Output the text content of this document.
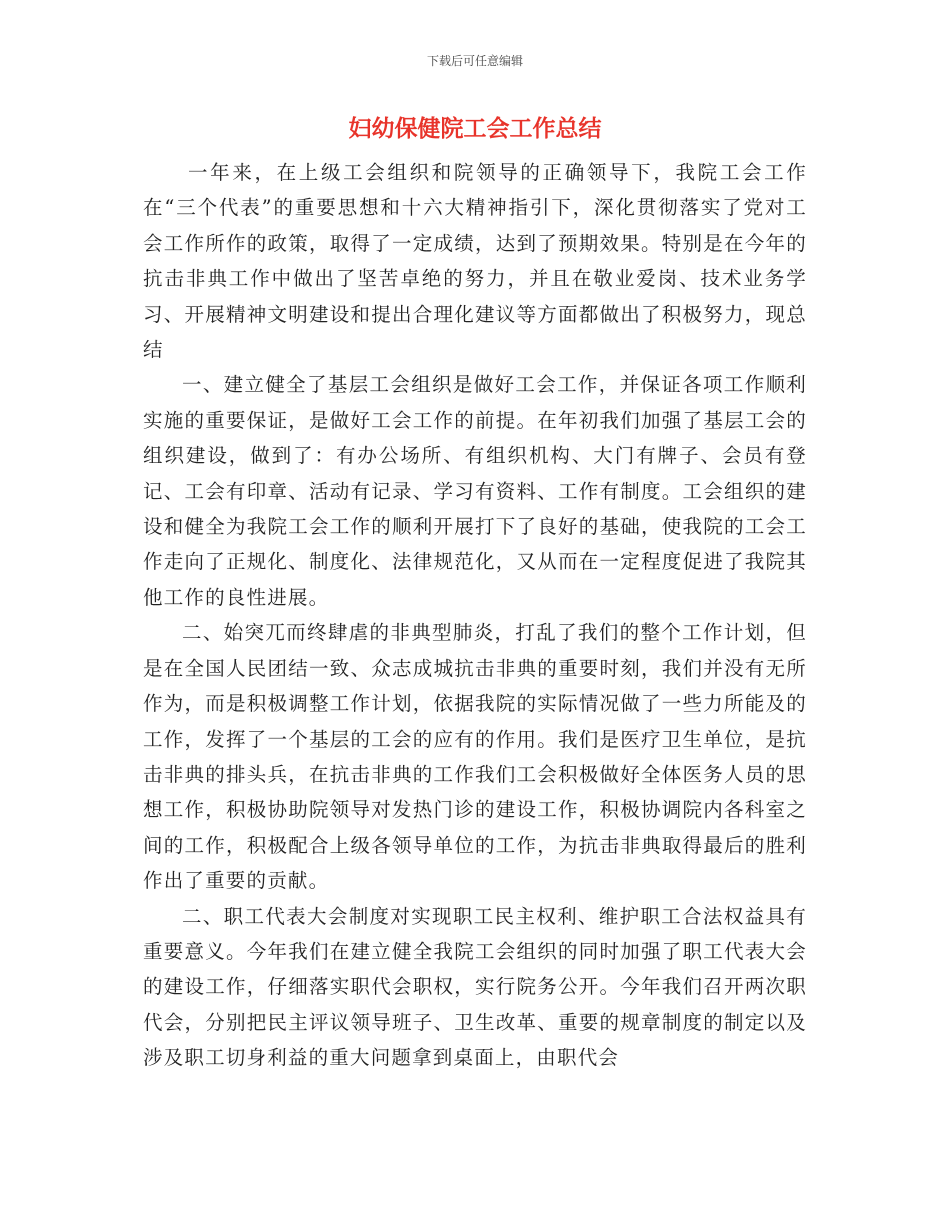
下载后可任意编辑
妇幼保健院工会工作总结

一年来，在上级工会组织和院领导的正确领导下，我院工会工作在“三个代表”的重要思想和十六大精神指引下，深化贯彻落实了党对工会工作所作的政策，取得了一定成绩，达到了预期效果。特别是在今年的抗击非典工作中做出了坚苦卓绝的努力，并且在敬业爱岗、技术业务学习、开展精神文明建设和提出合理化建议等方面都做出了积极努力，现总结

一、建立健全了基层工会组织是做好工会工作，并保证各项工作顺利实施的重要保证，是做好工会工作的前提。在年初我们加强了基层工会的组织建设，做到了：有办公场所、有组织机构、大门有牌子、会员有登记、工会有印章、活动有记录、学习有资料、工作有制度。工会组织的建设和健全为我院工会工作的顺利开展打下了良好的基础，使我院的工会工作走向了正规化、制度化、法律规范化，又从而在一定程度促进了我院其他工作的良性进展。

二、始突兀而终肆虐的非典型肺炎，打乱了我们的整个工作计划，但是在全国人民团结一致、众志成城抗击非典的重要时刻，我们并没有无所作为，而是积极调整工作计划，依据我院的实际情况做了一些力所能及的工作，发挥了一个基层的工会的应有的作用。我们是医疗卫生单位，是抗击非典的排头兵，在抗击非典的工作我们工会积极做好全体医务人员的思想工作，积极协助院领导对发热门诊的建设工作，积极协调院内各科室之间的工作，积极配合上级各领导单位的工作，为抗击非典取得最后的胜利作出了重要的贡献。

二、职工代表大会制度对实现职工民主权利、维护职工合法权益具有重要意义。今年我们在建立健全我院工会组织的同时加强了职工代表大会的建设工作，仔细落实职代会职权，实行院务公开。今年我们召开两次职代会，分别把民主评议领导班子、卫生改革、重要的规章制度的制定以及涉及职工切身利益的重大问题拿到桌面上，由职代会
